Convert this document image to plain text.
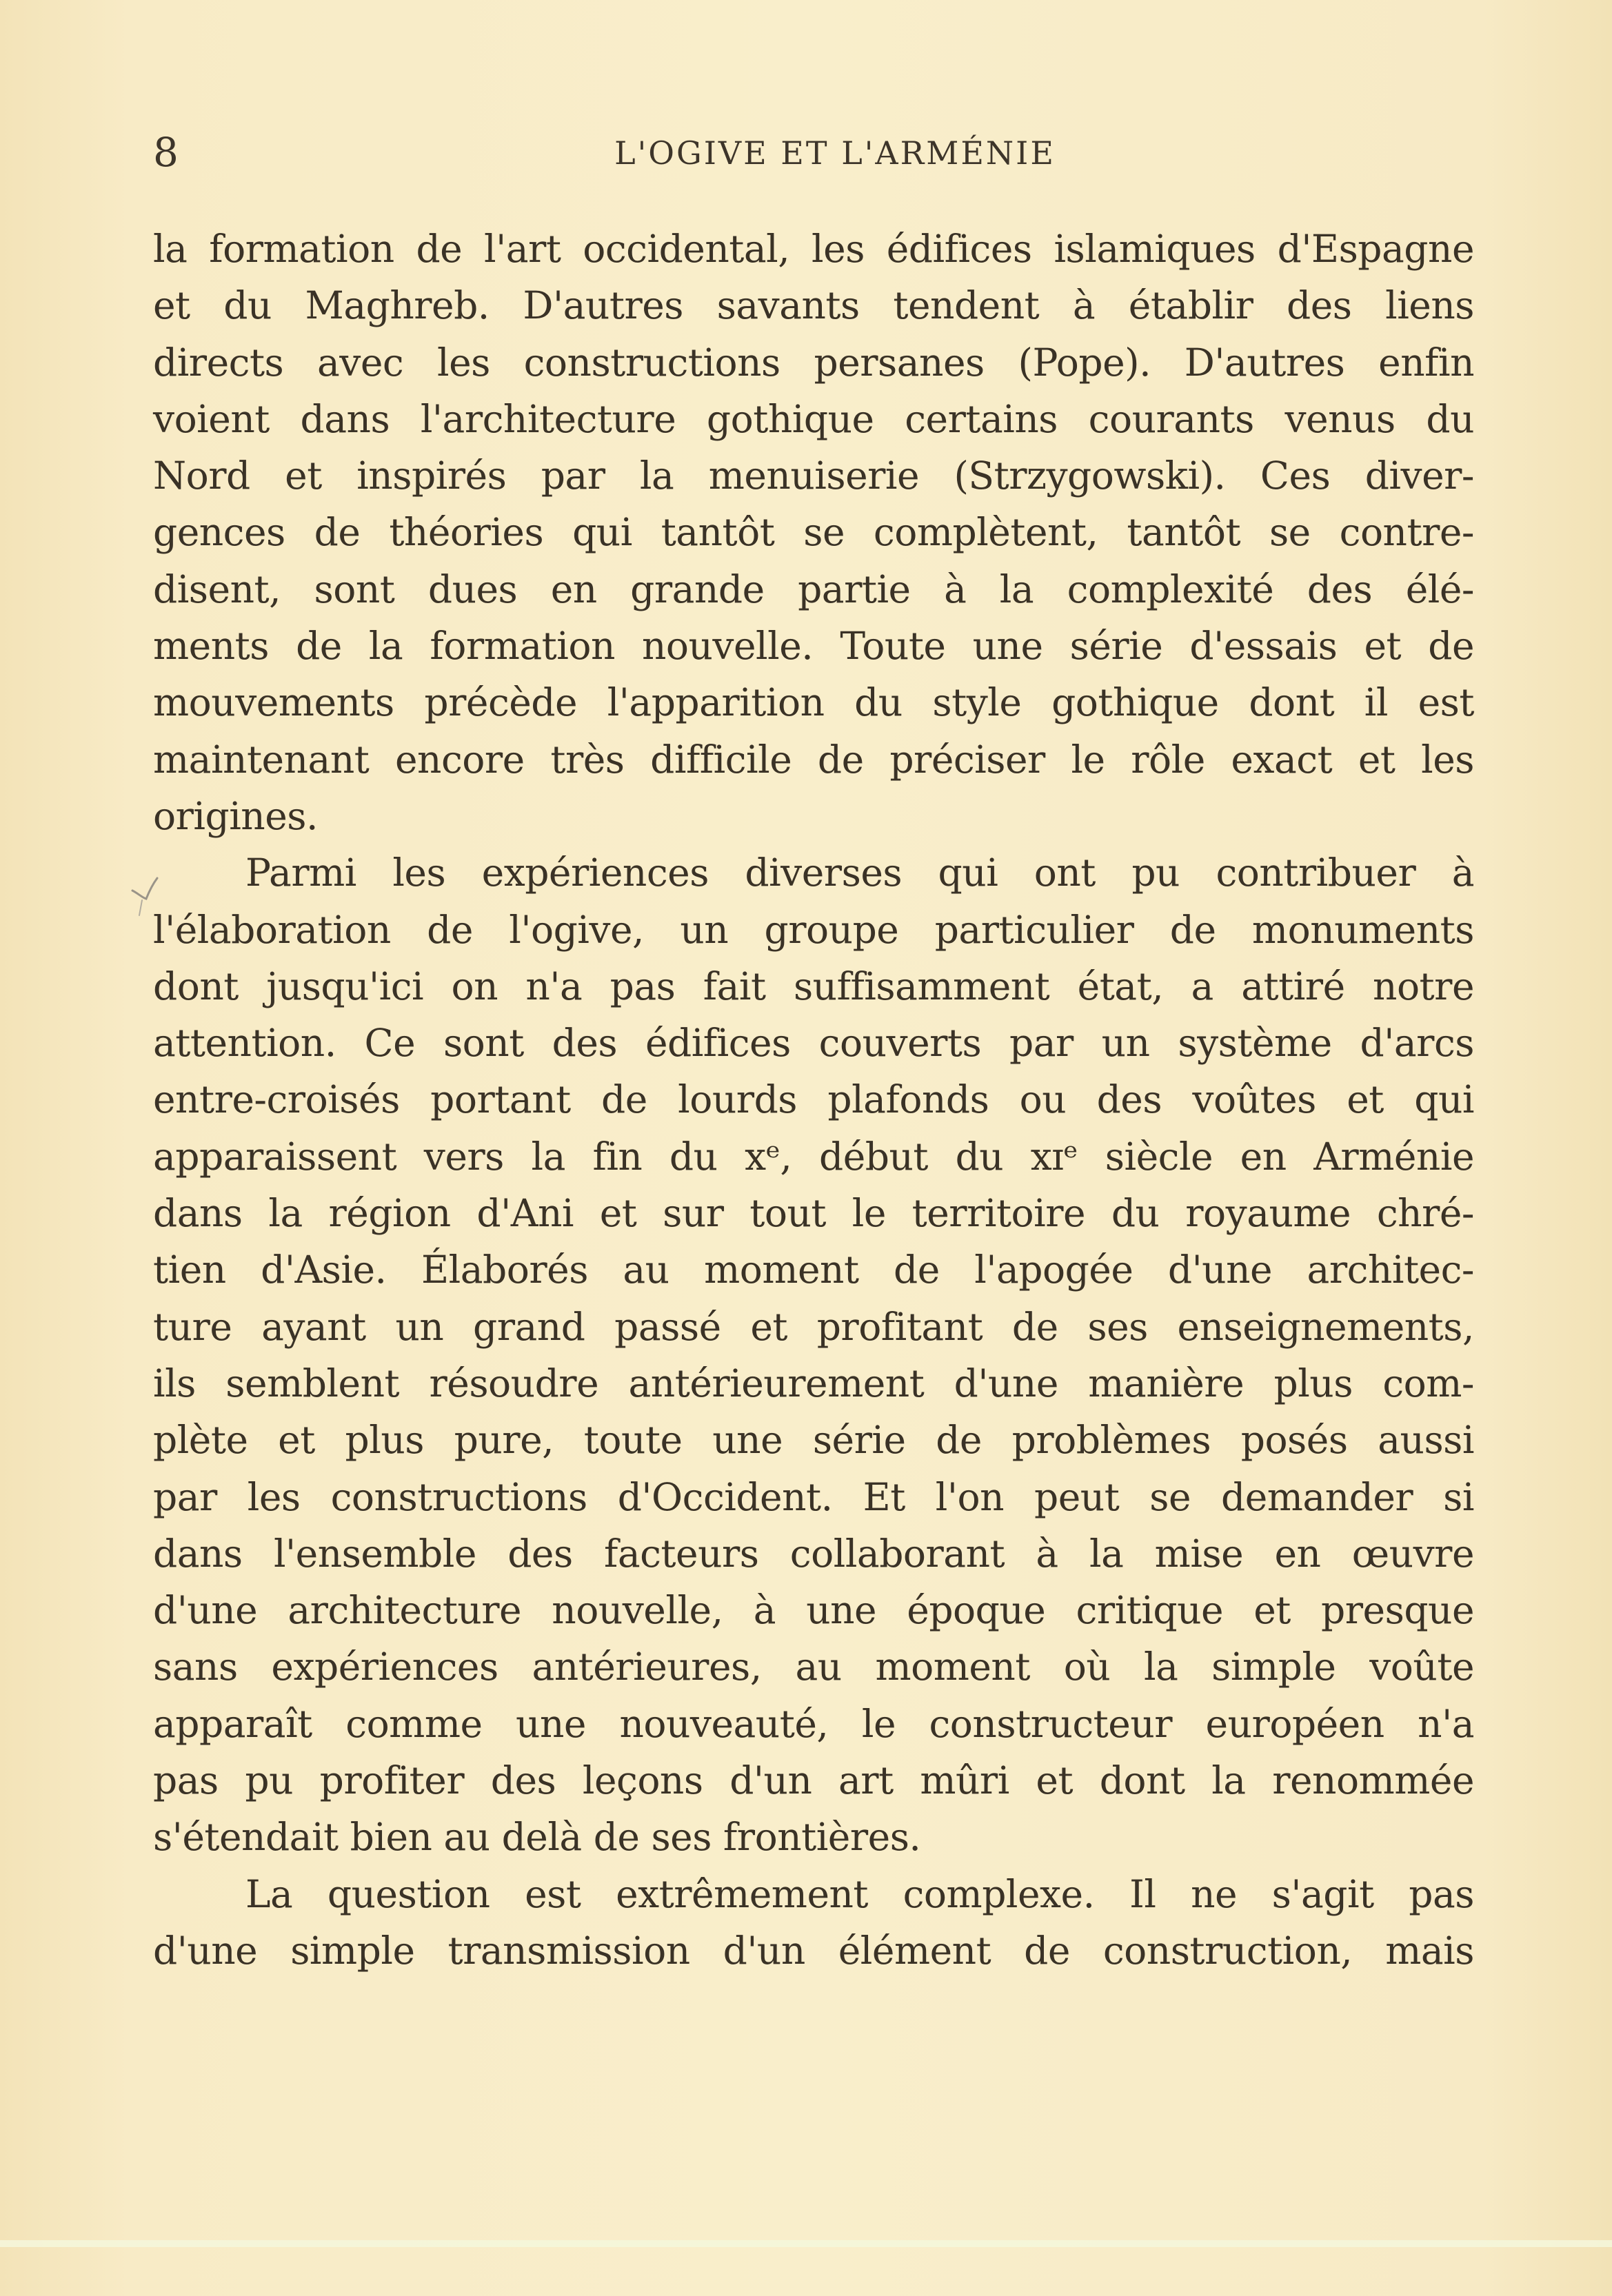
8	L'OGIVE ET L'ARMÉNIE
la formation de l'art occidental, les édifices islamiques d'Espagne
et du Maghreb. D'autres savants tendent à établir des liens
directs avec les constructions persanes (Pope). D'autres enfin
voient dans l'architecture gothique certains courants venus du
Nord et inspirés par la menuiserie (Strzygowski). Ces diver-
gences de théories qui tantôt se complètent, tantôt se contre-
disent, sont dues en grande partie à la complexité des élé-
ments de la formation nouvelle. Toute une série d'essais et de
mouvements précède l'apparition du style gothique dont il est
maintenant encore très difficile de préciser le rôle exact et les
origines.
Parmi les expériences diverses qui ont pu contribuer à
l'élaboration de l'ogive, un groupe particulier de monuments
dont jusqu'ici on n'a pas fait suffisamment état, a attiré notre
attention. Ce sont des édifices couverts par un système d'arcs
entre-croisés portant de lourds plafonds ou des voûtes et qui
apparaissent vers la fin du xᵉ, début du xɪᵉ siècle en Arménie
dans la région d'Ani et sur tout le territoire du royaume chré-
tien d'Asie. Élaborés au moment de l'apogée d'une architec-
ture ayant un grand passé et profitant de ses enseignements,
ils semblent résoudre antérieurement d'une manière plus com-
plète et plus pure, toute une série de problèmes posés aussi
par les constructions d'Occident. Et l'on peut se demander si
dans l'ensemble des facteurs collaborant à la mise en œuvre
d'une architecture nouvelle, à une époque critique et presque
sans expériences antérieures, au moment où la simple voûte
apparaît comme une nouveauté, le constructeur européen n'a
pas pu profiter des leçons d'un art mûri et dont la renommée
s'étendait bien au delà de ses frontières.
La question est extrêmement complexe. Il ne s'agit pas
d'une simple transmission d'un élément de construction, mais
